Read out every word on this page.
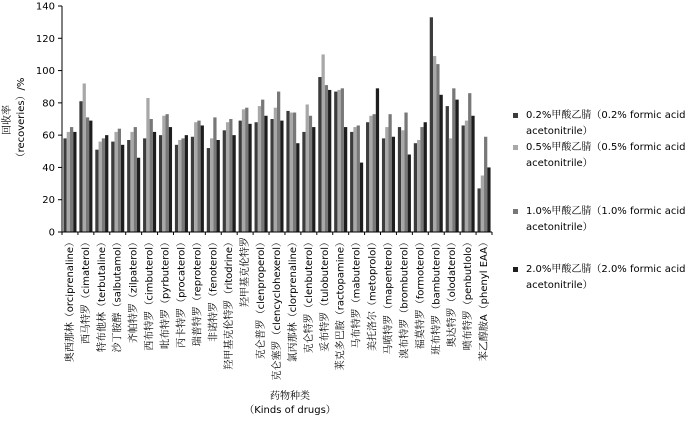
回收率 （recoveries）/%
0
20
40
60
80
100
120
140
奥西那林（orciprenaline） 西马特罗（cimaterol） 特布他林（terbutaline） 沙丁胺醇（salbutamol） 齐帕特罗（zilpaterol） 西布特罗（cimbuterol） 吡布特罗（pyrbuterol） 丙卡特罗（procaterol） 瑞普特罗（reproterol） 非诺特罗（fenoterol） 羟甲基克伦特罗（ritodrine） 羟甲基克伦特罗 克仑普罗（clenproperol） 克仑塞罗（clencyclohexerol） 氯丙那林（clorprenaline） 克仑特罗（clenbuterol） 妥布特罗（tulobuterol） 莱克多巴胺（ractopamine） 马布特罗（mabuterol） 美托洛尔（metoprolol） 马喷特罗（mapenterol） 溴布特罗（brombuterol） 福莫特罗（formoterol） 班布特罗（bambuterol） 奥达特罗（olodaterol） 喷布特罗（penbutlolo） 苯乙醇胺A（phenyl EAA）
药物种类
（Kinds of drugs）
0.2%甲酸乙腈（0.2% formic acid
acetonitrile）
0.5%甲酸乙腈（0.5% formic acid
acetonitrile）
1.0%甲酸乙腈（1.0% formic acid
acetonitrile）
2.0%甲酸乙腈（2.0% formic acid
acetonitrile）
